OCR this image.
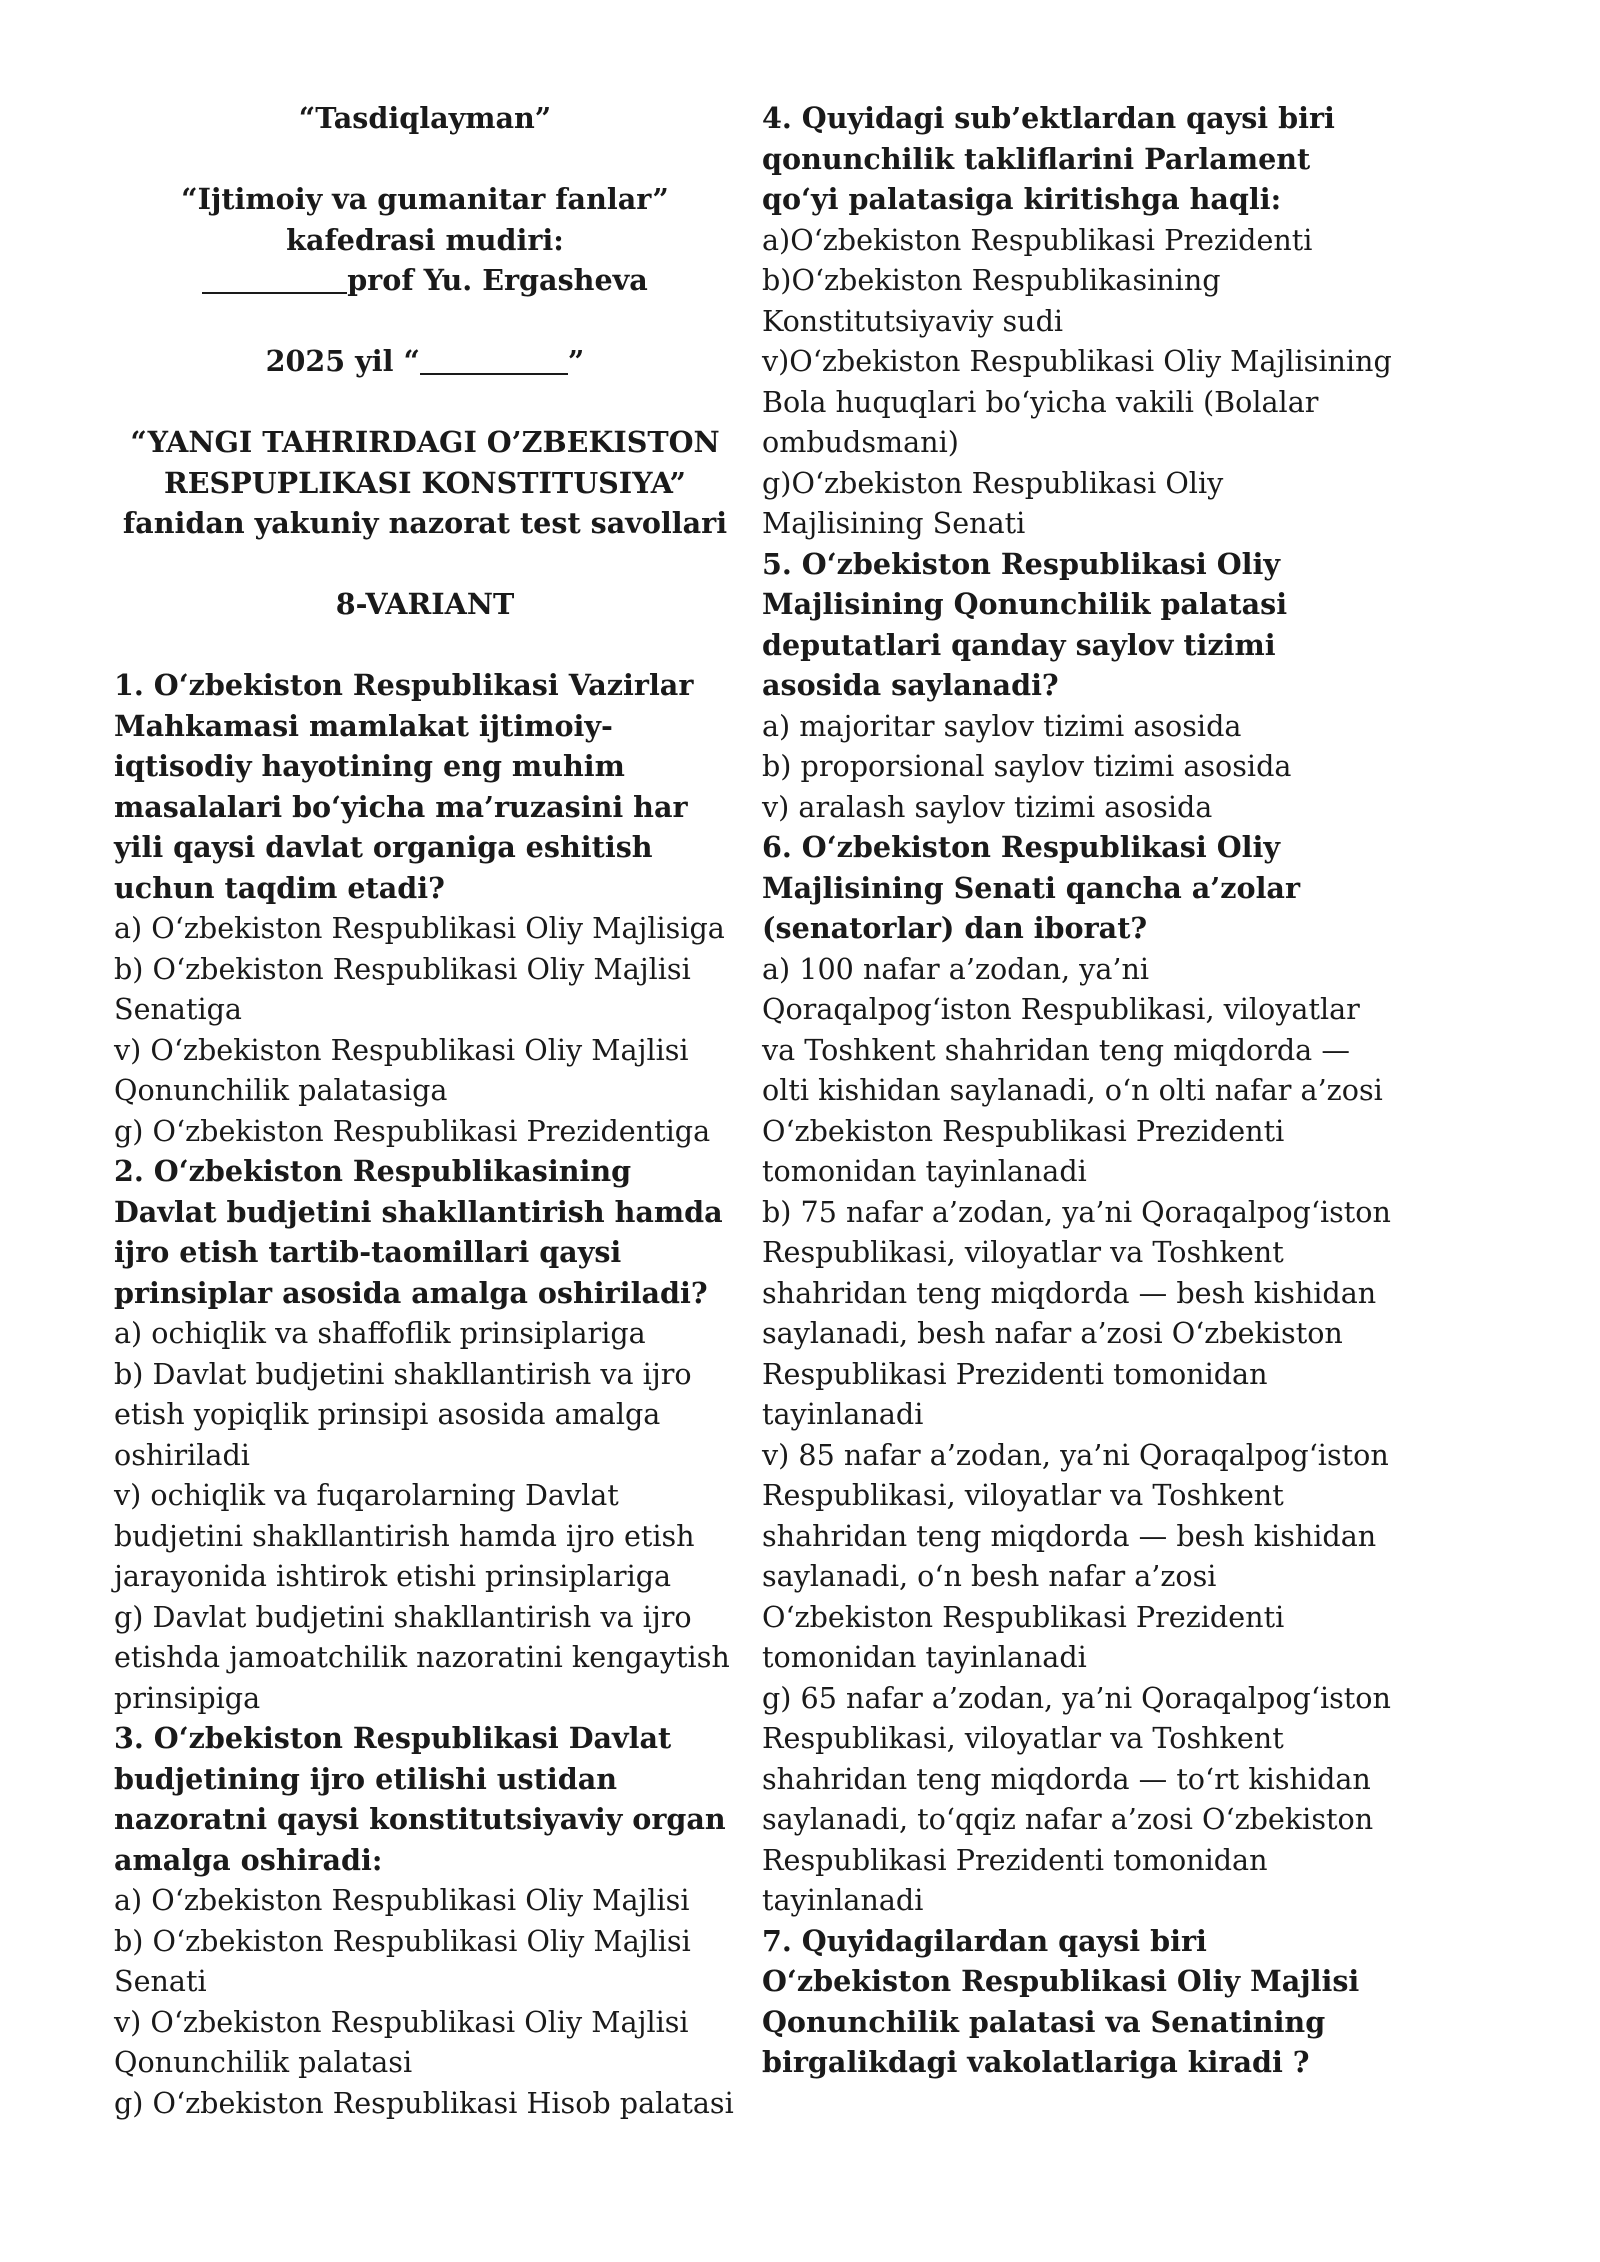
“Tasdiqlayman”

“Ijtimoiy va gumanitar fanlar”

kafedrasi mudiri:

prof Yu. Ergasheva

2025 yil “	”

“YANGI TAHRIRDAGI O’ZBEKISTON

RESPUPLIKASI KONSTITUSIYA”

fanidan yakuniy nazorat test savollari

8-VARIANT

1. O‘zbekiston Respublikasi Vazirlar Mahkamasi mamlakat ijtimoiy-iqtisodiy hayotining eng muhim masalalari bo‘yicha ma’ruzasini har yili qaysi davlat organiga eshitish uchun taqdim etadi?

a) O‘zbekiston Respublikasi Oliy Majlisiga

b) O‘zbekiston Respublikasi Oliy Majlisi Senatiga

v) O‘zbekiston Respublikasi Oliy Majlisi Qonunchilik palatasiga

g) O‘zbekiston Respublikasi Prezidentiga

2. O‘zbekiston Respublikasining Davlat budjetini shakllantirish hamda ijro etish tartib-taomillari qaysi prinsiplar asosida amalga oshiriladi?

a) ochiqlik va shaffoflik prinsiplariga

b) Davlat budjetini shakllantirish va ijro etish yopiqlik prinsipi asosida amalga oshiriladi

v) ochiqlik va fuqarolarning Davlat budjetini shakllantirish hamda ijro etish jarayonida ishtirok etishi prinsiplariga

g) Davlat budjetini shakllantirish va ijro etishda jamoatchilik nazoratini kengaytish prinsipiga

3. O‘zbekiston Respublikasi Davlat budjetining ijro etilishi ustidan nazoratni qaysi konstitutsiyaviy organ amalga oshiradi:

a) O‘zbekiston Respublikasi Oliy Majlisi

b) O‘zbekiston Respublikasi Oliy Majlisi Senati

v) O‘zbekiston Respublikasi Oliy Majlisi Qonunchilik palatasi

g) O‘zbekiston Respublikasi Hisob palatasi

4. Quyidagi sub’ektlardan qaysi biri qonunchilik takliflarini Parlament qo‘yi palatasiga kiritishga haqli:

a)O‘zbekiston Respublikasi Prezidenti

b)O‘zbekiston Respublikasining Konstitutsiyaviy sudi

v)O‘zbekiston Respublikasi Oliy Majlisining Bola huquqlari bo‘yicha vakili (Bolalar ombudsmani)

g)O‘zbekiston Respublikasi Oliy Majlisining Senati

5. O‘zbekiston Respublikasi Oliy Majlisining Qonunchilik palatasi deputatlari qanday saylov tizimi asosida saylanadi?

a) majoritar saylov tizimi asosida

b) proporsional saylov tizimi asosida

v) aralash saylov tizimi asosida

6. O‘zbekiston Respublikasi Oliy Majlisining Senati qancha a’zolar (senatorlar) dan iborat?

a) 100 nafar a’zodan, ya’ni Qoraqalpog‘iston Respublikasi, viloyatlar va Toshkent shahridan teng miqdorda — olti kishidan saylanadi, o‘n olti nafar a’zosi O‘zbekiston Respublikasi Prezidenti tomonidan tayinlanadi

b) 75 nafar a’zodan, ya’ni Qoraqalpog‘iston Respublikasi, viloyatlar va Toshkent shahridan teng miqdorda — besh kishidan saylanadi, besh nafar a’zosi O‘zbekiston Respublikasi Prezidenti tomonidan tayinlanadi

v) 85 nafar a’zodan, ya’ni Qoraqalpog‘iston Respublikasi, viloyatlar va Toshkent shahridan teng miqdorda — besh kishidan saylanadi, o‘n besh nafar a’zosi O‘zbekiston Respublikasi Prezidenti tomonidan tayinlanadi

g) 65 nafar a’zodan, ya’ni Qoraqalpog‘iston Respublikasi, viloyatlar va Toshkent shahridan teng miqdorda — to‘rt kishidan saylanadi, to‘qqiz nafar a’zosi O‘zbekiston Respublikasi Prezidenti tomonidan tayinlanadi

7. Quyidagilardan qaysi biri O‘zbekiston Respublikasi Oliy Majlisi Qonunchilik palatasi va Senatining birgalikdagi vakolatlariga kiradi ?
